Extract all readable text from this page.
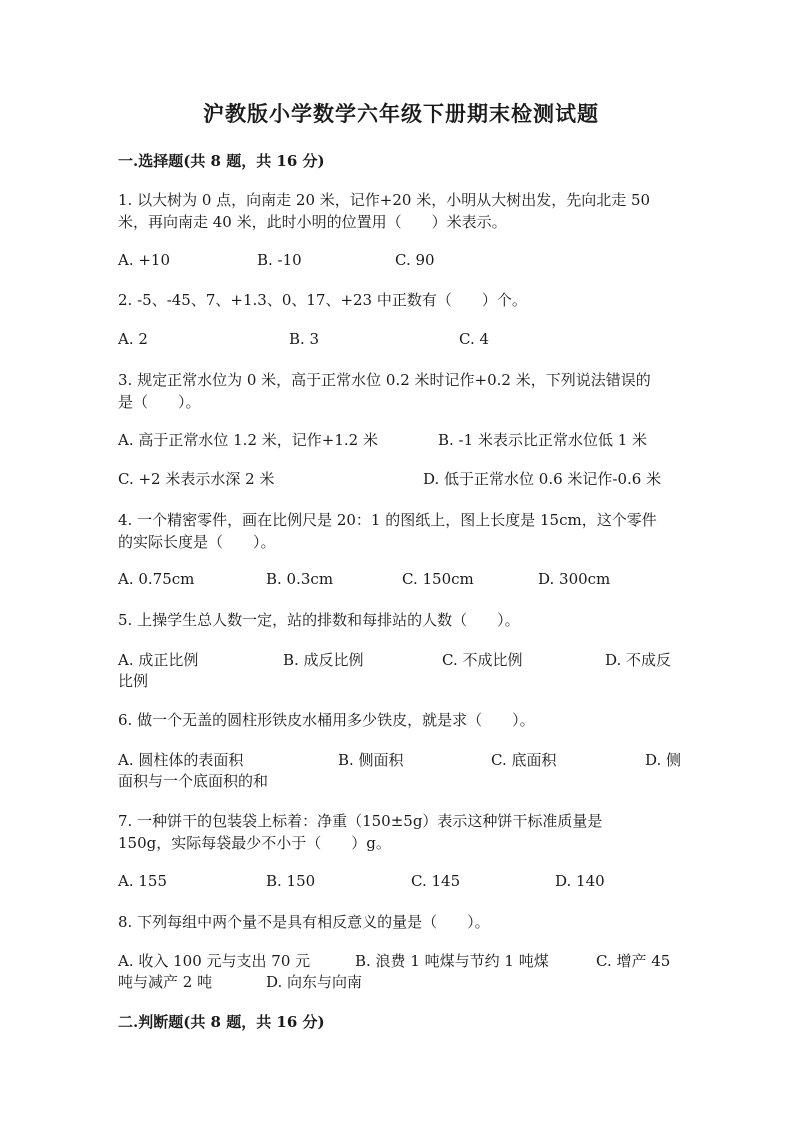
沪教版小学数学六年级下册期末检测试题
一.选择题(共 8 题，共 16 分)
1. 以大树为 0 点，向南走 20 米，记作+20 米，小明从大树出发，先向北走 50
米，再向南走 40 米，此时小明的位置用（　　）米表示。
A. +10	B. -10	C. 90
2. -5、-45、7、+1.3、0、17、+23 中正数有（　　）个。
A. 2	B. 3	C. 4
3. 规定正常水位为 0 米，高于正常水位 0.2 米时记作+0.2 米，下列说法错误的
是（　　）。
A. 高于正常水位 1.2 米，记作+1.2 米	B. -1 米表示比正常水位低 1 米
C. +2 米表示水深 2 米	D. 低于正常水位 0.6 米记作-0.6 米
4. 一个精密零件，画在比例尺是 20：1 的图纸上，图上长度是 15cm，这个零件
的实际长度是（　　）。
A. 0.75cm	B. 0.3cm	C. 150cm	D. 300cm
5. 上操学生总人数一定，站的排数和每排站的人数（　　）。
A. 成正比例	B. 成反比例	C. 不成比例	D. 不成反
比例
6. 做一个无盖的圆柱形铁皮水桶用多少铁皮，就是求（　　）。
A. 圆柱体的表面积	B. 侧面积	C. 底面积	D. 侧
面积与一个底面积的和
7. 一种饼干的包装袋上标着：净重（150±5g）表示这种饼干标准质量是
150g，实际每袋最少不小于（　　）g。
A. 155	B. 150	C. 145	D. 140
8. 下列每组中两个量不是具有相反意义的量是（　　）。
A. 收入 100 元与支出 70 元	B. 浪费 1 吨煤与节约 1 吨煤	C. 增产 45
吨与减产 2 吨	D. 向东与向南
二.判断题(共 8 题，共 16 分)
